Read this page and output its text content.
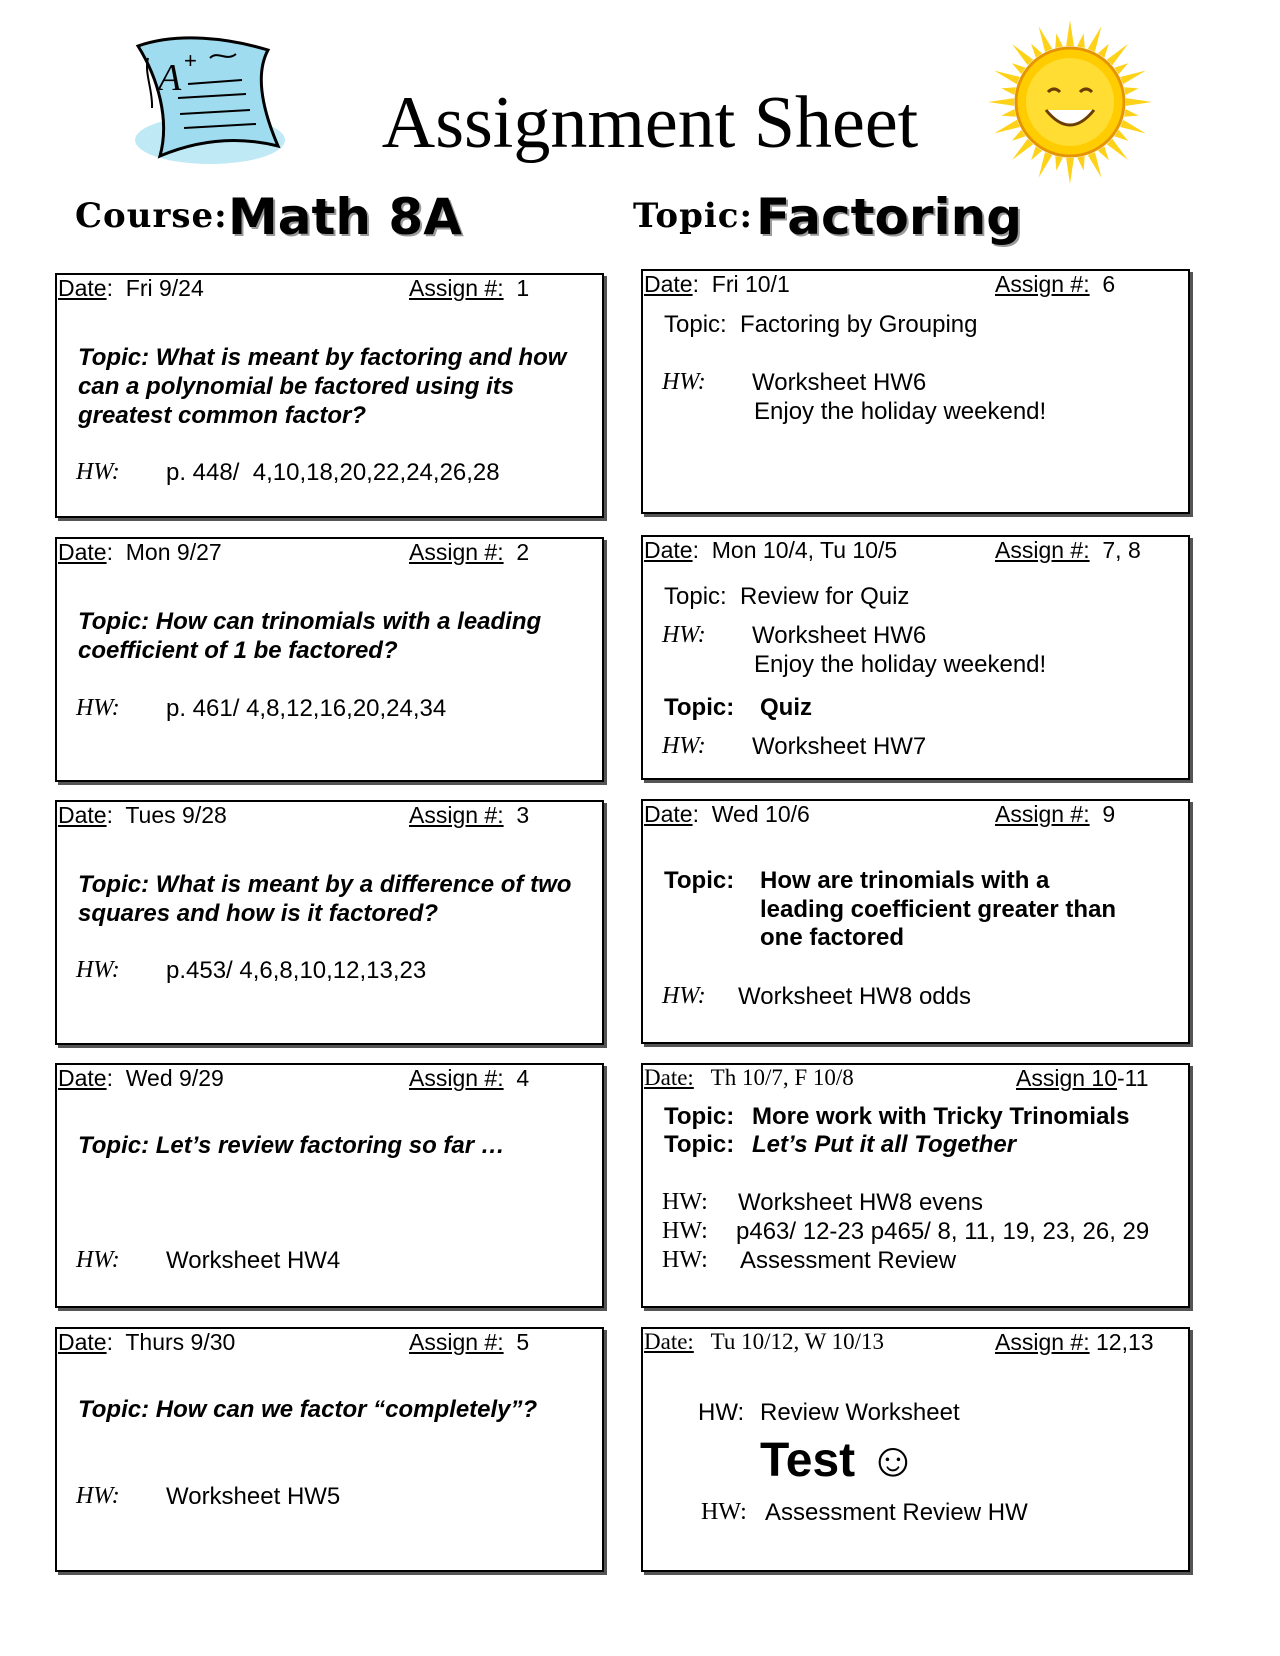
A +
Assignment Sheet
Course: Math 8A	Topic: Factoring
Date:  Fri 9/24	Assign #: 1
Topic: What is meant by factoring and how can a polynomial be factored using its greatest common factor?
HW: p. 448/  4,10,18,20,22,24,26,28
Date:  Mon 9/27	Assign #: 2
Topic: How can trinomials with a leading coefficient of 1 be factored?
HW: p. 461/ 4,8,12,16,20,24,34
Date:  Tues 9/28	Assign #: 3
Topic: What is meant by a difference of two squares and how is it factored?
HW: p.453/ 4,6,8,10,12,13,23
Date:  Wed 9/29	Assign #: 4
Topic: Let’s review factoring so far …
HW: Worksheet HW4
Date:  Thurs 9/30	Assign #: 5
Topic: How can we factor “completely”?
HW: Worksheet HW5
Date:  Fri 10/1	Assign #: 6
Topic:  Factoring by Grouping
HW: Worksheet HW6
Enjoy the holiday weekend!
Date:  Mon 10/4, Tu 10/5	Assign #: 7, 8
Topic:  Review for Quiz
HW: Worksheet HW6
Enjoy the holiday weekend!
Topic: Quiz
HW: Worksheet HW7
Date:  Wed 10/6	Assign #: 9
Topic: How are trinomials with a
leading coefficient greater than
one factored
HW: Worksheet HW8 odds
Date: Th 10/7, F 10/8	Assign 10-11
Topic: More work with Tricky Trinomials
Topic: Let’s Put it all Together
HW: Worksheet HW8 evens
HW: p463/ 12-23 p465/ 8, 11, 19, 23, 26, 29
HW: Assessment Review
Date: Tu 10/12, W 10/13	Assign #: 12,13
HW: Review Worksheet
Test ☺
HW: Assessment Review HW
